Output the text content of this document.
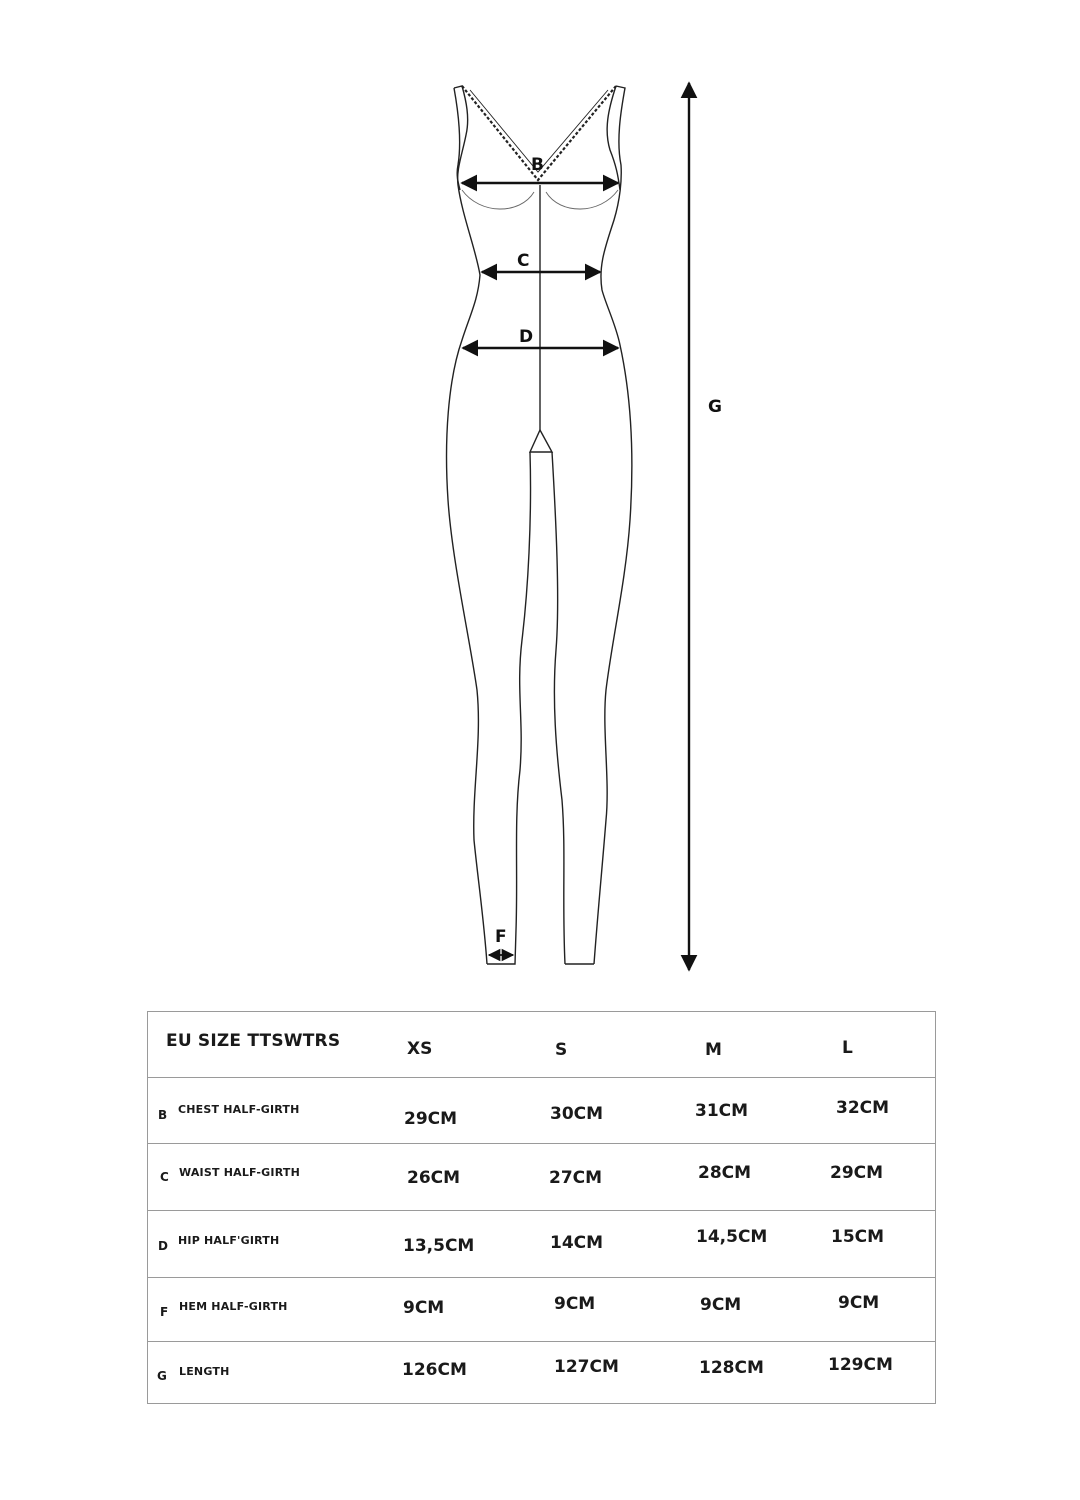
B
C
D
F
G
EU SIZE TTSWTRS	XS	S	M	L
B CHEST HALF-GIRTH	29CM	30CM	31CM	32CM
C WAIST HALF-GIRTH	26CM	27CM	28CM	29CM
D HIP HALF'GIRTH	13,5CM	14CM	14,5CM	15CM
F HEM HALF-GIRTH	9CM	9CM	9CM	9CM
G LENGTH	126CM	127CM	128CM	129CM
